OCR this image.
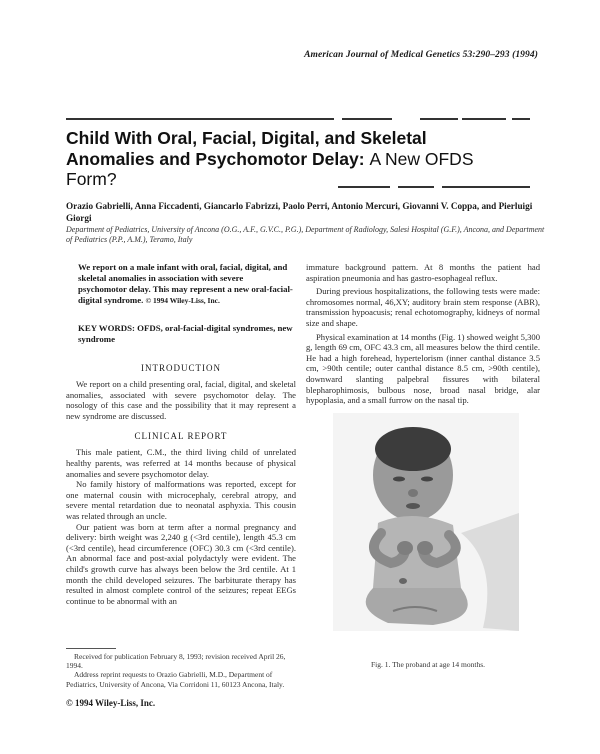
American Journal of Medical Genetics 53:290–293 (1994)
Child With Oral, Facial, Digital, and Skeletal Anomalies and Psychomotor Delay: A New OFDS Form?
Orazio Gabrielli, Anna Ficcadenti, Giancarlo Fabrizzi, Paolo Perri, Antonio Mercuri, Giovanni V. Coppa, and Pierluigi Giorgi
Department of Pediatrics, University of Ancona (O.G., A.F., G.V.C., P.G.), Department of Radiology, Salesi Hospital (G.F.), Ancona, and Department of Pediatrics (P.P., A.M.), Teramo, Italy
We report on a male infant with oral, facial, digital, and skeletal anomalies in association with severe psychomotor delay. This may represent a new oral-facial-digital syndrome. © 1994 Wiley-Liss, Inc.
KEY WORDS: OFDS, oral-facial-digital syndromes, new syndrome
INTRODUCTION

We report on a child presenting oral, facial, digital, and skeletal anomalies, associated with severe psychomotor delay. The nosology of this case and the possibility that it may represent a new syndrome are discussed.

CLINICAL REPORT

This male patient, C.M., the third living child of unrelated healthy parents, was referred at 14 months because of physical anomalies and severe psychomotor delay.

No family history of malformations was reported, except for one maternal cousin with microcephaly, cerebral atropy, and severe mental retardation due to neonatal asphyxia. This cousin was related through an uncle.

Our patient was born at term after a normal pregnancy and delivery: birth weight was 2,240 g (<3rd centile), length 45.3 cm (<3rd centile), head circumference (OFC) 30.3 cm (<3rd centile). An abnormal face and post-axial polydactyly were evident. The child's growth curve has always been below the 3rd centile. At 1 month the child developed seizures. The barbiturate therapy has resulted in almost complete control of the seizures; repeat EEGs continue to be abnormal with an

Received for publication February 8, 1993; revision received April 26, 1994.
Address reprint requests to Orazio Gabrielli, M.D., Department of Pediatrics, University of Ancona, Via Corridoni 11, 60123 Ancona, Italy.
© 1994 Wiley-Liss, Inc.

immature background pattern. At 8 months the patient had aspiration pneumonia and has gastro-esophageal reflux.

During previous hospitalizations, the following tests were made: chromosomes normal, 46,XY; auditory brain stem response (ABR), transmission hypoacusis; renal echotomography, kidneys of normal size and shape.

Physical examination at 14 months (Fig. 1) showed weight 5,300 g, length 69 cm, OFC 43.3 cm, all measures below the third centile. He had a high forehead, hypertelorism (inner canthal distance 3.5 cm, >90th centile; outer canthal distance 8.5 cm, >90th centile), downward slanting palpebral fissures with bilateral blepharophimosis, bulbous nose, broad nasal bridge, alar hypoplasia, and a small furrow on the nasal tip.

Fig. 1. The proband at age 14 months.
